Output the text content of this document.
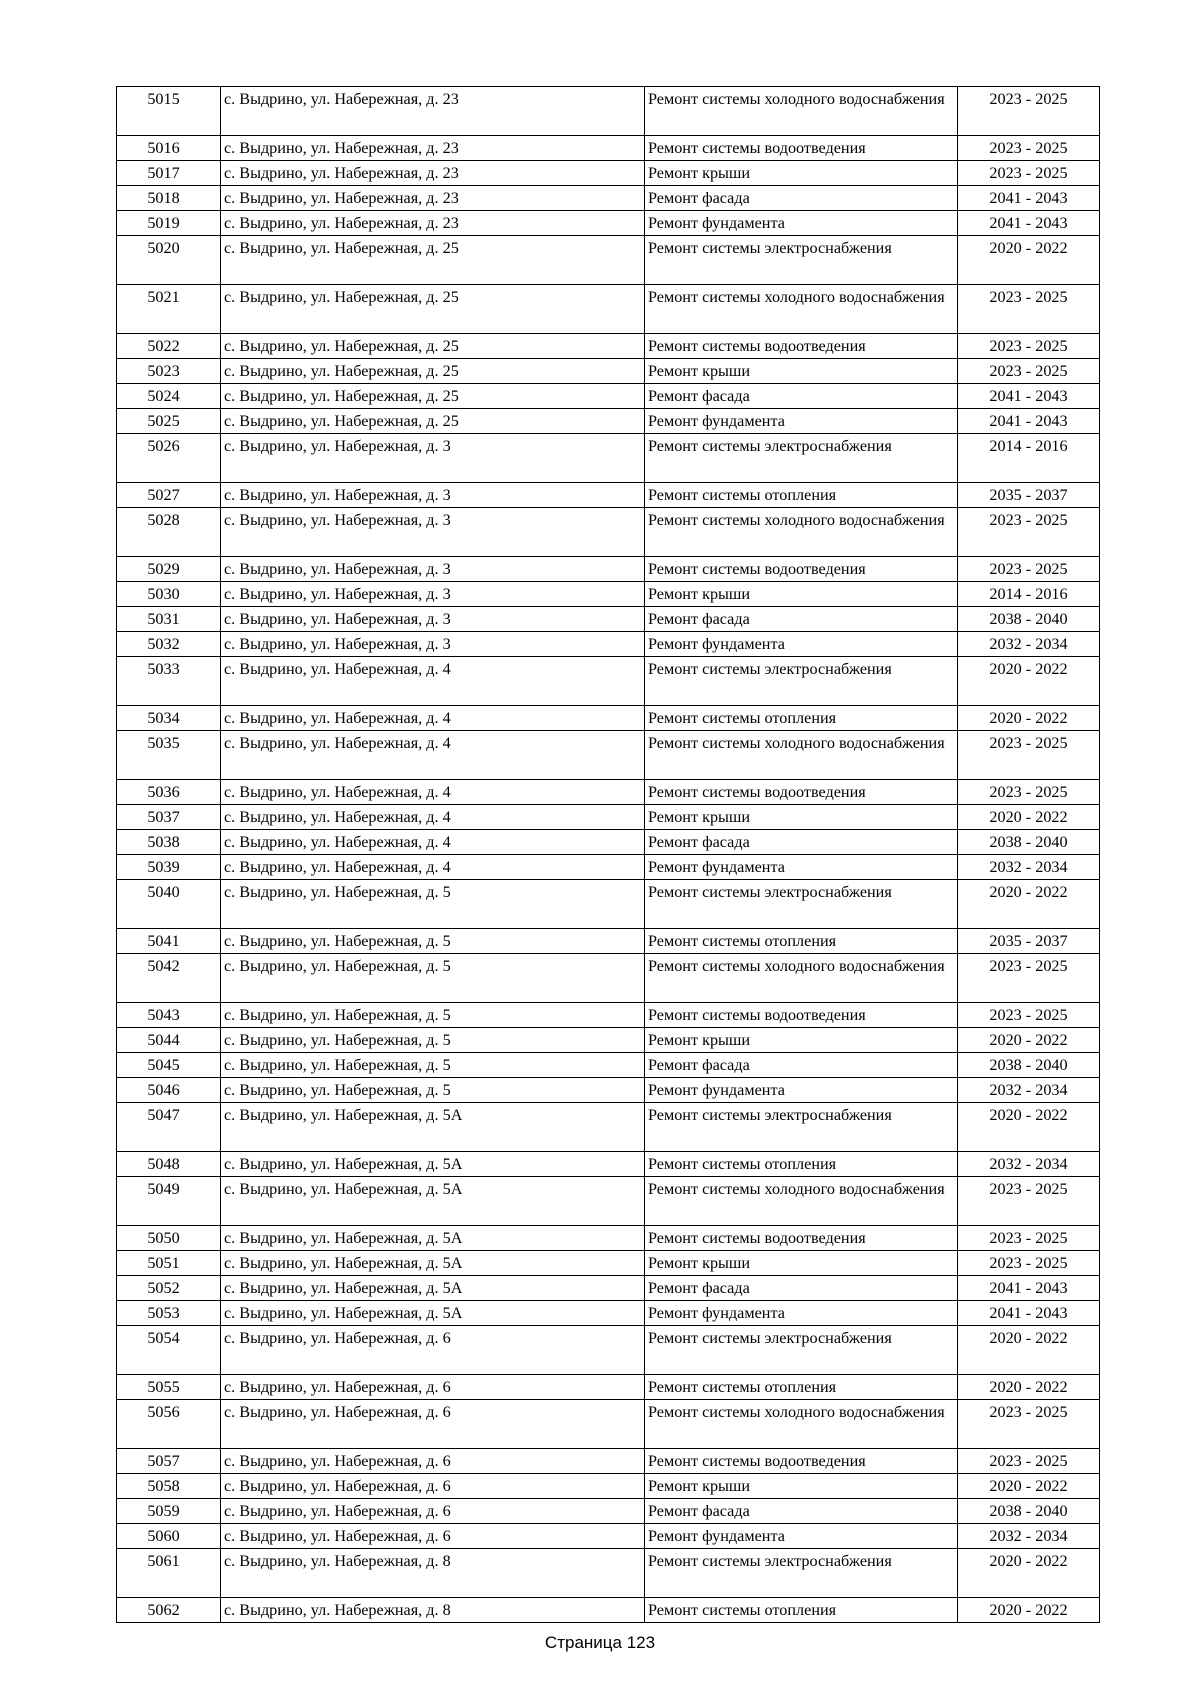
5015	с. Выдрино, ул. Набережная, д. 23	Ремонт системы холодного водоснабжения	2023 - 2025
5016	с. Выдрино, ул. Набережная, д. 23	Ремонт системы водоотведения	2023 - 2025
5017	с. Выдрино, ул. Набережная, д. 23	Ремонт крыши	2023 - 2025
5018	с. Выдрино, ул. Набережная, д. 23	Ремонт фасада	2041 - 2043
5019	с. Выдрино, ул. Набережная, д. 23	Ремонт фундамента	2041 - 2043
5020	с. Выдрино, ул. Набережная, д. 25	Ремонт системы электроснабжения	2020 - 2022
5021	с. Выдрино, ул. Набережная, д. 25	Ремонт системы холодного водоснабжения	2023 - 2025
5022	с. Выдрино, ул. Набережная, д. 25	Ремонт системы водоотведения	2023 - 2025
5023	с. Выдрино, ул. Набережная, д. 25	Ремонт крыши	2023 - 2025
5024	с. Выдрино, ул. Набережная, д. 25	Ремонт фасада	2041 - 2043
5025	с. Выдрино, ул. Набережная, д. 25	Ремонт фундамента	2041 - 2043
5026	с. Выдрино, ул. Набережная, д. 3	Ремонт системы электроснабжения	2014 - 2016
5027	с. Выдрино, ул. Набережная, д. 3	Ремонт системы отопления	2035 - 2037
5028	с. Выдрино, ул. Набережная, д. 3	Ремонт системы холодного водоснабжения	2023 - 2025
5029	с. Выдрино, ул. Набережная, д. 3	Ремонт системы водоотведения	2023 - 2025
5030	с. Выдрино, ул. Набережная, д. 3	Ремонт крыши	2014 - 2016
5031	с. Выдрино, ул. Набережная, д. 3	Ремонт фасада	2038 - 2040
5032	с. Выдрино, ул. Набережная, д. 3	Ремонт фундамента	2032 - 2034
5033	с. Выдрино, ул. Набережная, д. 4	Ремонт системы электроснабжения	2020 - 2022
5034	с. Выдрино, ул. Набережная, д. 4	Ремонт системы отопления	2020 - 2022
5035	с. Выдрино, ул. Набережная, д. 4	Ремонт системы холодного водоснабжения	2023 - 2025
5036	с. Выдрино, ул. Набережная, д. 4	Ремонт системы водоотведения	2023 - 2025
5037	с. Выдрино, ул. Набережная, д. 4	Ремонт крыши	2020 - 2022
5038	с. Выдрино, ул. Набережная, д. 4	Ремонт фасада	2038 - 2040
5039	с. Выдрино, ул. Набережная, д. 4	Ремонт фундамента	2032 - 2034
5040	с. Выдрино, ул. Набережная, д. 5	Ремонт системы электроснабжения	2020 - 2022
5041	с. Выдрино, ул. Набережная, д. 5	Ремонт системы отопления	2035 - 2037
5042	с. Выдрино, ул. Набережная, д. 5	Ремонт системы холодного водоснабжения	2023 - 2025
5043	с. Выдрино, ул. Набережная, д. 5	Ремонт системы водоотведения	2023 - 2025
5044	с. Выдрино, ул. Набережная, д. 5	Ремонт крыши	2020 - 2022
5045	с. Выдрино, ул. Набережная, д. 5	Ремонт фасада	2038 - 2040
5046	с. Выдрино, ул. Набережная, д. 5	Ремонт фундамента	2032 - 2034
5047	с. Выдрино, ул. Набережная, д. 5А	Ремонт системы электроснабжения	2020 - 2022
5048	с. Выдрино, ул. Набережная, д. 5А	Ремонт системы отопления	2032 - 2034
5049	с. Выдрино, ул. Набережная, д. 5А	Ремонт системы холодного водоснабжения	2023 - 2025
5050	с. Выдрино, ул. Набережная, д. 5А	Ремонт системы водоотведения	2023 - 2025
5051	с. Выдрино, ул. Набережная, д. 5А	Ремонт крыши	2023 - 2025
5052	с. Выдрино, ул. Набережная, д. 5А	Ремонт фасада	2041 - 2043
5053	с. Выдрино, ул. Набережная, д. 5А	Ремонт фундамента	2041 - 2043
5054	с. Выдрино, ул. Набережная, д. 6	Ремонт системы электроснабжения	2020 - 2022
5055	с. Выдрино, ул. Набережная, д. 6	Ремонт системы отопления	2020 - 2022
5056	с. Выдрино, ул. Набережная, д. 6	Ремонт системы холодного водоснабжения	2023 - 2025
5057	с. Выдрино, ул. Набережная, д. 6	Ремонт системы водоотведения	2023 - 2025
5058	с. Выдрино, ул. Набережная, д. 6	Ремонт крыши	2020 - 2022
5059	с. Выдрино, ул. Набережная, д. 6	Ремонт фасада	2038 - 2040
5060	с. Выдрино, ул. Набережная, д. 6	Ремонт фундамента	2032 - 2034
5061	с. Выдрино, ул. Набережная, д. 8	Ремонт системы электроснабжения	2020 - 2022
5062	с. Выдрино, ул. Набережная, д. 8	Ремонт системы отопления	2020 - 2022
Страница 123
